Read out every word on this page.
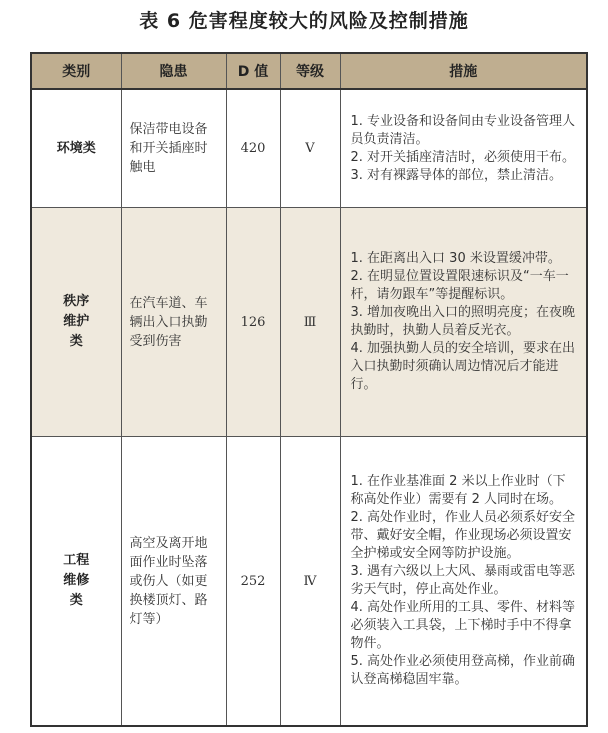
表 6 危害程度较大的风险及控制措施
类别	隐患	D 值	等级	措施
环境类	保洁带电设备和开关插座时触电	420	Ⅴ	1. 专业设备和设备间由专业设备管理人员负责清洁。
2. 对开关插座清洁时，必须使用干布。
3. 对有裸露导体的部位，禁止清洁。

秩序维护类	在汽车道、车辆出入口执勤受到伤害	126	Ⅲ	1. 在距离出入口 30 米设置缓冲带。
2. 在明显位置设置限速标识及“一车一杆，请勿跟车”等提醒标识。
3. 增加夜晚出入口的照明亮度；在夜晚执勤时，执勤人员着反光衣。
4. 加强执勤人员的安全培训，要求在出入口执勤时须确认周边情况后才能进行。

工程维修类	高空及离开地面作业时坠落或伤人（如更换楼顶灯、路灯等）	252	Ⅳ	1. 在作业基准面 2 米以上作业时（下称高处作业）需要有 2 人同时在场。
2. 高处作业时，作业人员必须系好安全带、戴好安全帽，作业现场必须设置安全护梯或安全网等防护设施。
3. 遇有六级以上大风、暴雨或雷电等恶劣天气时，停止高处作业。
4. 高处作业所用的工具、零件、材料等必须装入工具袋，上下梯时手中不得拿物件。
5. 高处作业必须使用登高梯，作业前确认登高梯稳固牢靠。
